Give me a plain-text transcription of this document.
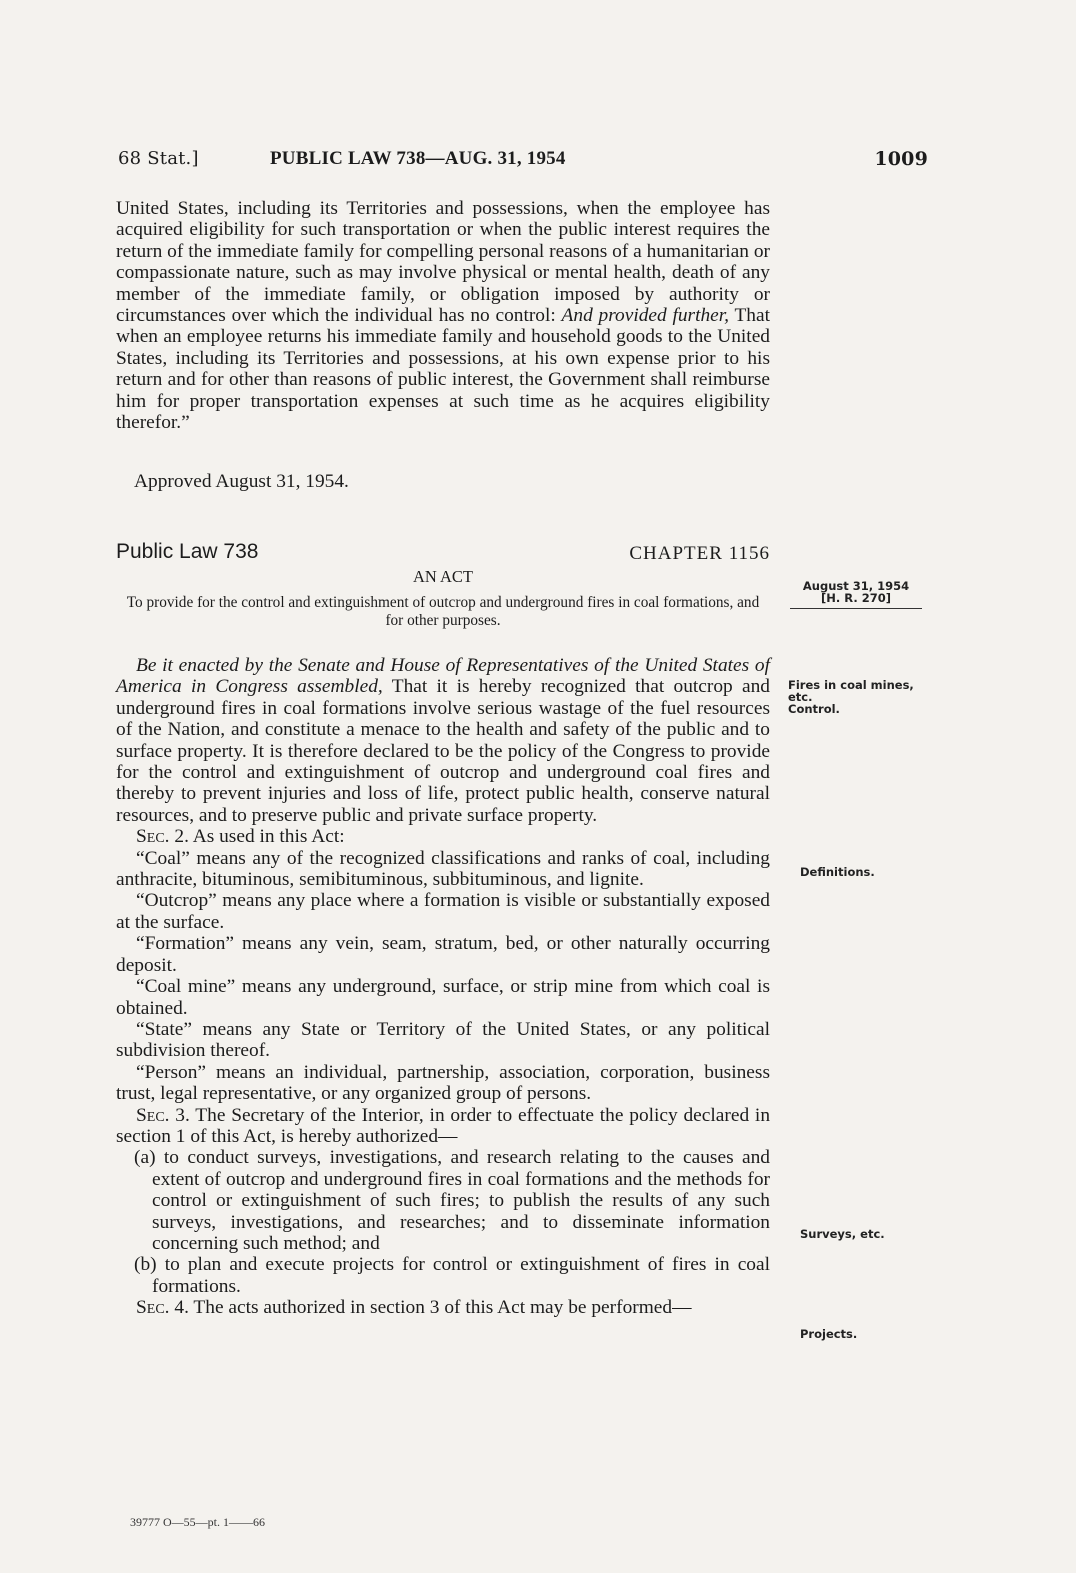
68 Stat.]	PUBLIC LAW 738—AUG. 31, 1954	1009

United States, including its Territories and possessions, when the employee has acquired eligibility for such transportation or when the public interest requires the return of the immediate family for compelling personal reasons of a humanitarian or compassionate nature, such as may involve physical or mental health, death of any member of the immediate family, or obligation imposed by authority or circumstances over which the individual has no control: And provided further, That when an employee returns his immediate family and household goods to the United States, including its Territories and possessions, at his own expense prior to his return and for other than reasons of public interest, the Government shall reimburse him for proper transportation expenses at such time as he acquires eligibility therefor.”

Approved August 31, 1954.
Public Law 738	CHAPTER 1156
AN ACT
To provide for the control and extinguishment of outcrop and underground fires in coal formations, and for other purposes.

Be it enacted by the Senate and House of Representatives of the United States of America in Congress assembled, That it is hereby recognized that outcrop and underground fires in coal formations involve serious wastage of the fuel resources of the Nation, and constitute a menace to the health and safety of the public and to surface property. It is therefore declared to be the policy of the Congress to provide for the control and extinguishment of outcrop and underground coal fires and thereby to prevent injuries and loss of life, protect public health, conserve natural resources, and to preserve public and private surface property.

Sec. 2. As used in this Act:

“Coal” means any of the recognized classifications and ranks of coal, including anthracite, bituminous, semibituminous, subbituminous, and lignite.

“Outcrop” means any place where a formation is visible or substantially exposed at the surface.

“Formation” means any vein, seam, stratum, bed, or other naturally occurring deposit.

“Coal mine” means any underground, surface, or strip mine from which coal is obtained.

“State” means any State or Territory of the United States, or any political subdivision thereof.

“Person” means an individual, partnership, association, corporation, business trust, legal representative, or any organized group of persons.

Sec. 3. The Secretary of the Interior, in order to effectuate the policy declared in section 1 of this Act, is hereby authorized—

(a) to conduct surveys, investigations, and research relating to the causes and extent of outcrop and underground fires in coal formations and the methods for control or extinguishment of such fires; to publish the results of any such surveys, investigations, and researches; and to disseminate information concerning such method; and

(b) to plan and execute projects for control or extinguishment of fires in coal formations.

Sec. 4. The acts authorized in section 3 of this Act may be performed—

August 31, 1954
[H. R. 270]
Fires in coal mines, etc.
Control.
Definitions.
Surveys, etc.
Projects.
39777 O—55—pt. 1——66
